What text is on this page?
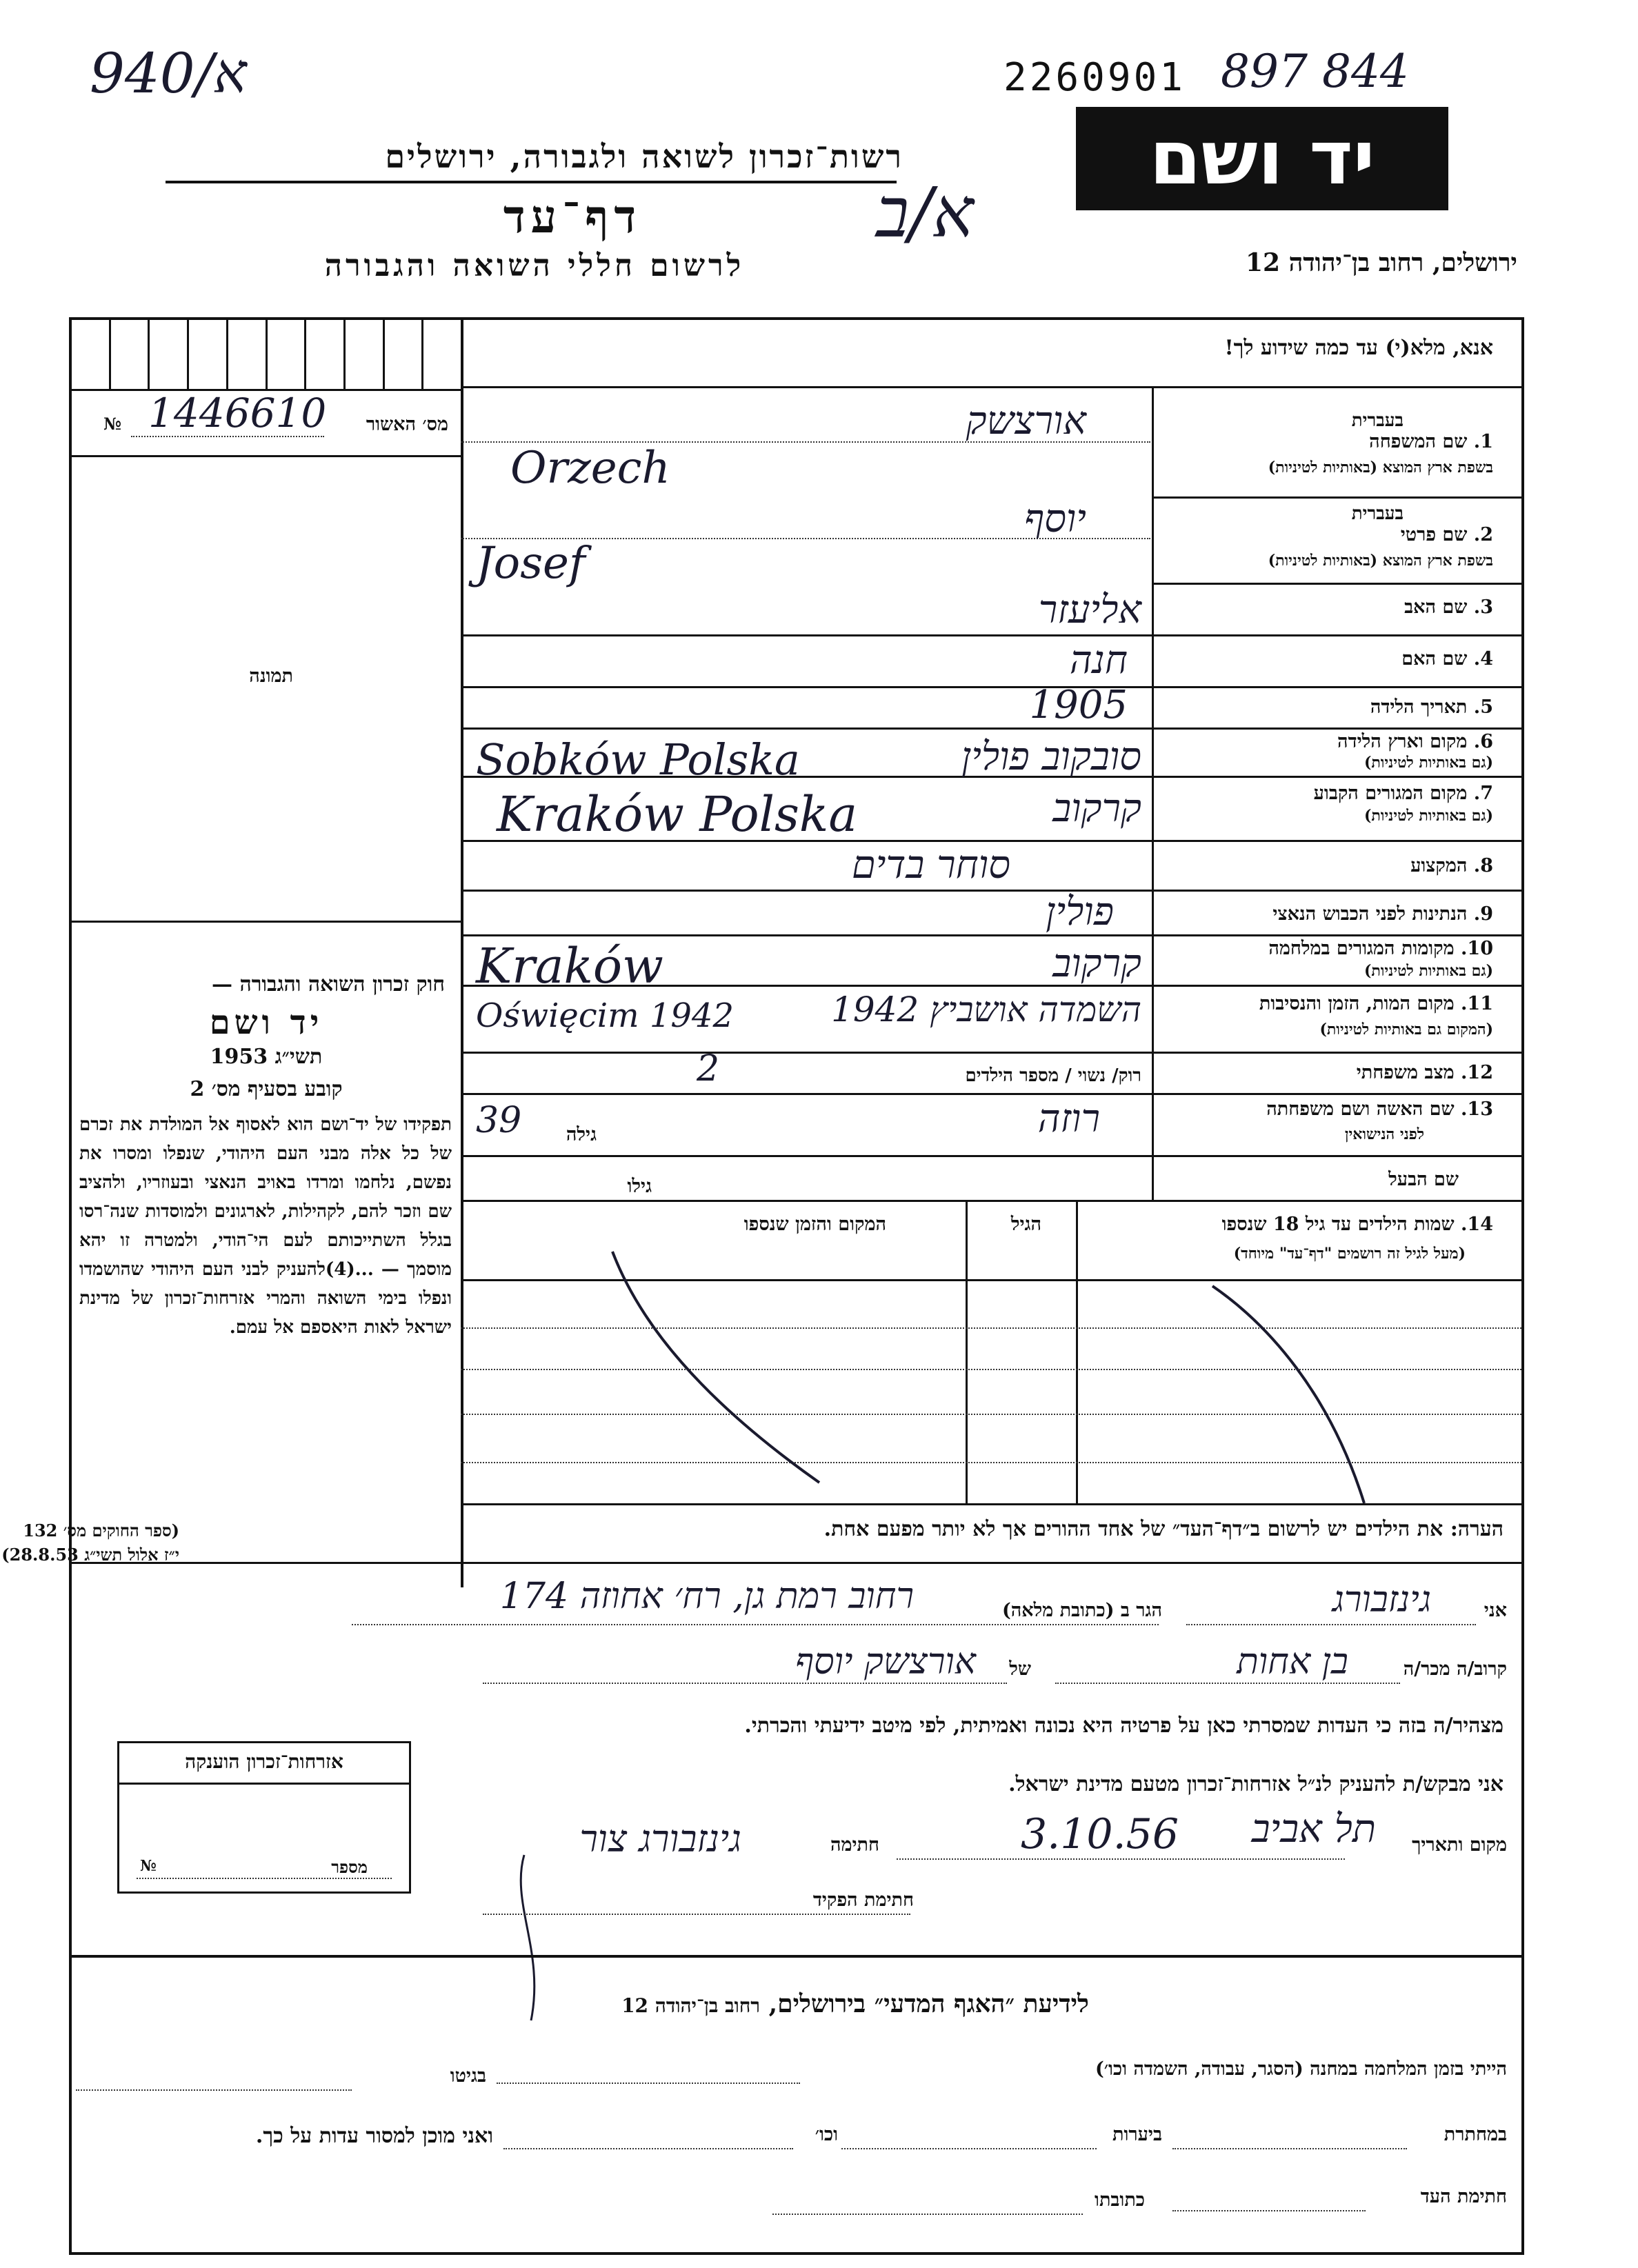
940/א	2260901 897 844
רשות־זכרון לשואה ולגבורה, ירושלים
דף־עד
לרשום חללי השואה והגבורה
א/ב
יד ושם
ירושלים, רחוב בן־יהודה 12
מס׳ האשור
№ 1446610
תמונה
חוק זכרון השואה והגבורה —
יד ושם
תשי״ג 1953
קובע בסעיף מס׳ 2
תפקידו של יד־ושם הוא לאסוף אל המולדת את זכרם של כל אלה מבני העם היהודי, שנפלו ומסרו את נפשם, נלחמו ומרדו באויב הנאצי ובעוזריו, ולהציב שם וזכר להם, לקהילות, לארגונים ולמוסדות שנה־רסו בגלל השתייכותם לעם הי־הודי, ולמטרה זו יהא מוסמך — ...(4)להעניק לבני העם היהודי שהושמדו ונפלו בימי השואה והמרי אזרחות־זכרון של מדינת ישראל לאות היאספם אל עמם.
(ספר החוקים מס׳ 132
י״ז אלול תשי״ג 28.8.53)
אנא, מלא(י) עד כמה שידוע לך!
בעברית
1. שם המשפחה
בשפת ארץ המוצא (באותיות לטיניות)
אורצשק
Orzech
בעברית
2. שם פרטי
בשפת ארץ המוצא (באותיות לטיניות)
יוסף
Josef
3. שם האב
אליעזר
4. שם האם
חנה
5. תאריך הלידה
1905
6. מקום וארץ הלידה
(גם באותיות לטיניות)
סובקוב פולין
Sobków Polska
7. מקום המגורים הקבוע
(גם באותיות לטיניות)
קרקוב
Kraków Polska
8. המקצוע
סוחר בדים
9. הנתינות לפני הכבוש הנאצי
פולין
10. מקומות המגורים במלחמה
(גם באותיות לטיניות)
קרקוב
Kraków
11. מקום המות, הזמן והנסיבות
(המקום גם באותיות לטיניות)
השמדה אושביץ 1942
Oświęcim 1942
12. מצב משפחתי
רוק/ נשוי / מספר הילדים
2
13. שם האשה ושם משפחתה
לפני הנישואין
רוזה
גילה
39
שם הבעל
גילו
14. שמות הילדים עד גיל 18 שנספו
(מעל לגיל זה רושמים "דף־עד" מיוחד)
הגיל
המקום והזמן שנספו
הערה: את הילדים יש לרשום ב״דף־העד״ של אחד ההורים אך לא יותר מפעם אחת.
אני
גינזבורג
הגר ב (כתובת מלאה)
רחוב רמת גן, רח׳ אחוזה 174
קרוב/ה מכר/ה
בן אחות
של
אורצשק יוסף
מצהיר/ה בזה כי העדות שמסרתי כאן על פרטיה היא נכונה ואמיתית, לפי מיטב ידיעתי והכרתי.
אני מבקש/ת להעניק לנ״ל אזרחות־זכרון מטעם מדינת ישראל.
מקום ותאריך
תל אביב
3.10.56
חתימה
גינזבורג צור
חתימת הפקיד
אזרחות־זכרון הוענקה
מספר
№
לידיעת ״האגף המדעי״ בירושלים, רחוב בן־יהודה 12
הייתי בזמן המלחמה במחנה (הסגר, עבודה, השמדה וכו׳)
בגיטו
במחתרת
ביערות
וכו׳
ואני מוכן למסור עדות על כך.
חתימת העד
כתובתו
